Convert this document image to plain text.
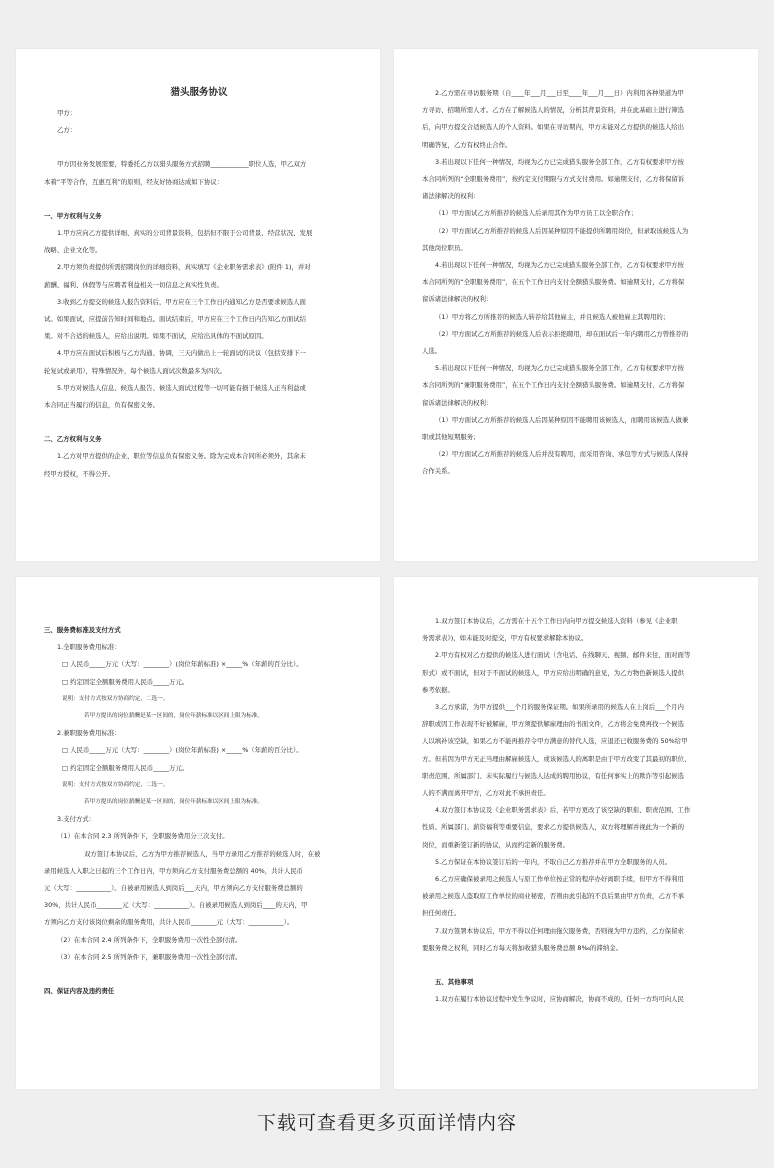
猎头服务协议
甲方：
乙方：
甲方因业务发展需要，特委托乙方以猎头服务方式招聘____________职位人选，甲乙双方
本着“平等合作，互惠互利”的原则，经友好协商达成如下协议：
一、甲方权利与义务
1.甲方应向乙方提供详细、真实的公司背景资料，包括但不限于公司背景、经营状况、发展
战略、企业文化等。
2.甲方须负责提供所需招聘岗位的详细资料，真实填写《企业职务需求表》(附件 1)，并对
薪酬、福利、休假等与应聘者利益相关一切信息之真实性负责。
3.收到乙方提交的候选人报告资料后，甲方应在三个工作日内通知乙方是否要求候选人面
试。如果面试，应提前告知时间和地点。面试结束后，甲方应在三个工作日内告知乙方面试结
果。对不合适的候选人，应给出说明。如果不面试，应给出具体的不面试原因。
4.甲方应在面试后积极与乙方沟通、协调，三天内做出上一轮面试的决议（包括安排下一
轮复试或录用），特殊情况外，每个候选人面试次数最多为四次。
5.甲方对候选人信息、候选人报告、候选人面试过程等一切可能有损于候选人正当利益或
本合同正当履行的信息，负有保密义务。
二、乙方权利与义务
1.乙方对甲方提供的企业、职位等信息负有保密义务。除为完成本合同所必须外，其余未
经甲方授权，不得公开。
2.乙方需在寻访服务期（自____年___月___日至____年___月___日）内利用各种渠道为甲
方寻访、招聘所需人才。乙方在了解候选人的情况，分析其背景资料，并在此基础上进行筛选
后，向甲方提交合适候选人的个人资料。如果在寻访期内，甲方未能对乙方提供的候选人给出
明确答复，乙方有权终止合作。
3.若出现以下任何一种情况，均视为乙方已完成猎头服务全部工作，乙方有权要求甲方按
本合同所列的“全职服务费用”，按约定支付期限与方式支付费用。如逾期支付，乙方将保留诉
诸法律解决的权利：
（1）甲方面试乙方所推荐的候选人后录用其作为甲方员工以全职合作；
（2）甲方面试乙方所推荐的候选人后因某种原因不能提供所聘用岗位，但录取该候选人为
其他岗位职员。
4.若出现以下任何一种情况，均视为乙方已完成猎头服务全部工作，乙方有权要求甲方按
本合同所列的“全职服务费用”，在五个工作日内支付全额猎头服务费。如逾期支付，乙方将保
留诉诸法律解决的权利：
（1）甲方将乙方所推荐的候选人转荐给其他雇主，并且候选人被他雇主其聘用的；
（2）甲方面试乙方所推荐的候选人后表示拒绝聘用，却在面试后一年内聘用乙方曾推荐的
人选。
5.若出现以下任何一种情况，均视为乙方已完成猎头服务全部工作，乙方有权要求甲方按
本合同所列的“兼职服务费用”，在五个工作日内支付全额猎头服务费。如逾期支付，乙方将保
留诉诸法律解决的权利：
（1）甲方面试乙方所推荐的候选人后因某种原因不能聘用该候选人，而聘用该候选人做兼
职或其他短期服务；
（2）甲方面试乙方所推荐的候选人后并没有聘用，而采用咨询、承包等方式与候选人保持
合作关系。
三、服务费标准及支付方式
1.全职服务费用标准：
□ 人民币_____万元（大写：________）(岗位年薪标准) ×_____%（年薪的百分比）。
□ 约定固定全额服务费用人民币_____万元。
说明：支付方式按双方协商约定，二选一。
若甲方提出的岗位薪酬是某一区间的，岗位年薪标准以区间上限为标准。
2.兼职服务费用标准：
□ 人民币_____万元（大写：________）(岗位年薪标准) ×_____%（年薪的百分比）。
□ 约定固定全额服务费用人民币_____万元。
说明：支付方式按双方协商约定，二选一。
若甲方提出的岗位薪酬是某一区间的，岗位年薪标准以区间上限为标准。
3.支付方式：
（1）在本合同 2.3 所列条件下，全职服务费用分三次支付。
双方签订本协议后，乙方为甲方推荐候选人，当甲方录用乙方推荐的候选人时，在被
录用候选人入职之日起的三个工作日内，甲方须向乙方支付服务费总额的 40%，共计人民币
元（大写：___________）。自被录用候选人到岗后___天内，甲方须向乙方支付服务费总额的
30%，共计人民币________元（大写：___________）。自被录用候选人到岗后____的天内，甲
方须向乙方支付该岗位剩余的服务费用，共计人民币________元（大写：___________）。
（2）在本合同 2.4 所列条件下，全职服务费用一次性全部付清。
（3）在本合同 2.5 所列条件下，兼职服务费用一次性全部付清。
四、保证内容及违约责任
1.双方签订本协议后，乙方需在十五个工作日内向甲方提交候选人资料（参见《企业职
务需求表》)，如未能及时提交，甲方有权要求解除本协议。
2.甲方有权对乙方提供的候选人进行面试（含电话、在线聊天、视频、邮件来往、面对面等
形式）或不面试，但对于不面试的候选人，甲方应给出明确的意见，为乙方物色新候选人提供
参考依据。
3.乙方承诺，为甲方提供___个月的服务保证期。如果所录用的候选人在上岗后___个月内
辞职或因工作表现不好被解雇，甲方须提供解雇理由的书面文件，乙方将会免费再找一个候选
人以填补该空缺，如果乙方不能再推荐令甲方满意的替代人选，应退还已收服务费的 50%给甲
方。但若因为甲方无正当理由解雇候选人，或该候选人的离职是由于甲方改变了其最初的职位、
职责范围、所属部门、未实际履行与候选人达成的聘用协议，有任何事实上的欺诈等引起候选
人的不满而离开甲方，乙方对此不承担责任。
4.双方签订本协议及《企业职务需求表》后，若甲方更改了该空缺的职衔、职责范围、工作
性质、所属部门、薪资福利等重要信息，要求乙方提供候选人，双方将理解并视此为一个新的
岗位，而重新签订新的协议，从而约定新的服务费。
5.乙方保证在本协议签订后的一年内，不取自己乙方推荐并在甲方全职服务的人员。
6.乙方应确保被录用之候选人与原工作单位按正常的程序办好离职手续，但甲方不得利用
被录用之候选人盗取原工作单位的商业秘密，否则由此引起的不良后果由甲方负责，乙方不承
担任何责任。
7.双方签署本协议后，甲方不得以任何理由拖欠服务费，否则视为甲方违约，乙方保留索
要服务费之权利，同时乙方每天将加收猎头服务费总额 8‰的滞纳金。
五、其他事项
1.双方在履行本协议过程中发生争议时，应协商解决，协商不成的，任何一方均可向人民
下载可查看更多页面详情内容
